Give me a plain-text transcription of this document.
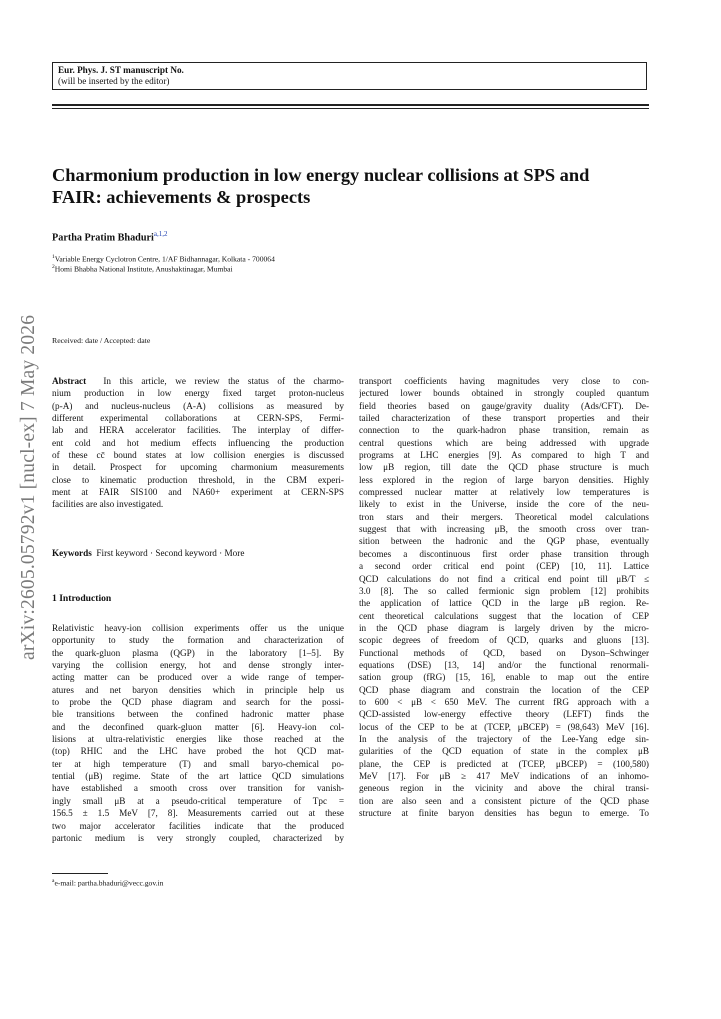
Eur. Phys. J. ST manuscript No.
(will be inserted by the editor)
Charmonium production in low energy nuclear collisions at SPS and
FAIR: achievements & prospects
Partha Pratim Bhaduri$^{a,1,2}$
$^1$Variable Energy Cyclotron Centre, 1/AF Bidhannagar, Kolkata - 700064
$^2$Homi Bhabha National Institute, Anushaktinagar, Mumbai
Received: date / Accepted: date
arXiv:2605.05792v1 [nucl-ex] 7 May 2026 Abstract In this article, we review the status of the charmo-
nium production in low energy fixed target proton-nucleus
(p-A) and nucleus-nucleus (A-A) collisions as measured by
different experimental collaborations at CERN-SPS, Fermi-
lab and HERA accelerator facilities. The interplay of differ-
ent cold and hot medium effects influencing the production
of these cc̄ bound states at low collision energies is discussed
in detail. Prospect for upcoming charmonium measurements
close to kinematic production threshold, in the CBM experi-
ment at FAIR SIS100 and NA60+ experiment at CERN-SPS
facilities are also investigated.
Keywords First keyword · Second keyword · More
1 Introduction
Relativistic heavy-ion collision experiments offer us the unique
opportunity to study the formation and characterization of
the quark-gluon plasma (QGP) in the laboratory [1–5]. By
varying the collision energy, hot and dense strongly inter-
acting matter can be produced over a wide range of temper-
atures and net baryon densities which in principle help us
to probe the QCD phase diagram and search for the possi-
ble transitions between the confined hadronic matter phase
and the deconfined quark-gluon matter [6]. Heavy-ion col-
lisions at ultra-relativistic energies like those reached at the
(top) RHIC and the LHC have probed the hot QCD mat-
ter at high temperature (T) and small baryo-chemical po-
tential (μB) regime. State of the art lattice QCD simulations
have established a smooth cross over transition for vanish-
ingly small μB at a pseudo-critical temperature of Tpc =
156.5 ± 1.5 MeV [7, 8]. Measurements carried out at these
two major accelerator facilities indicate that the produced
partonic medium is very strongly coupled, characterized by
transport coefficients having magnitudes very close to con-
jectured lower bounds obtained in strongly coupled quantum
field theories based on gauge/gravity duality (Ads/CFT). De-
tailed characterization of these transport properties and their
connection to the quark-hadron phase transition, remain as
central questions which are being addressed with upgrade
programs at LHC energies [9]. As compared to high T and
low μB region, till date the QCD phase structure is much
less explored in the region of large baryon densities. Highly
compressed nuclear matter at relatively low temperatures is
likely to exist in the Universe, inside the core of the neu-
tron stars and their mergers. Theoretical model calculations
suggest that with increasing μB, the smooth cross over tran-
sition between the hadronic and the QGP phase, eventually
becomes a discontinuous first order phase transition through
a second order critical end point (CEP) [10, 11]. Lattice
QCD calculations do not find a critical end point till μB/T ≤
3.0 [8]. The so called fermionic sign problem [12] prohibits
the application of lattice QCD in the large μB region. Re-
cent theoretical calculations suggest that the location of CEP
in the QCD phase diagram is largely driven by the micro-
scopic degrees of freedom of QCD, quarks and gluons [13].
Functional methods of QCD, based on Dyson–Schwinger
equations (DSE) [13, 14] and/or the functional renormali-
sation group (fRG) [15, 16], enable to map out the entire
QCD phase diagram and constrain the location of the CEP
to 600 < μB < 650 MeV. The current fRG approach with a
QCD-assisted low-energy effective theory (LEFT) finds the
locus of the CEP to be at (TCEP, μBCEP) = (98,643) MeV [16].
In the analysis of the trajectory of the Lee-Yang edge sin-
gularities of the QCD equation of state in the complex μB
plane, the CEP is predicted at (TCEP, μBCEP) = (100,580)
MeV [17]. For μB ≥ 417 MeV indications of an inhomo-
geneous region in the vicinity and above the chiral transi-
tion are also seen and a consistent picture of the QCD phase
structure at finite baryon densities has begun to emerge. To
$^a$e-mail: partha.bhaduri@vecc.gov.in
